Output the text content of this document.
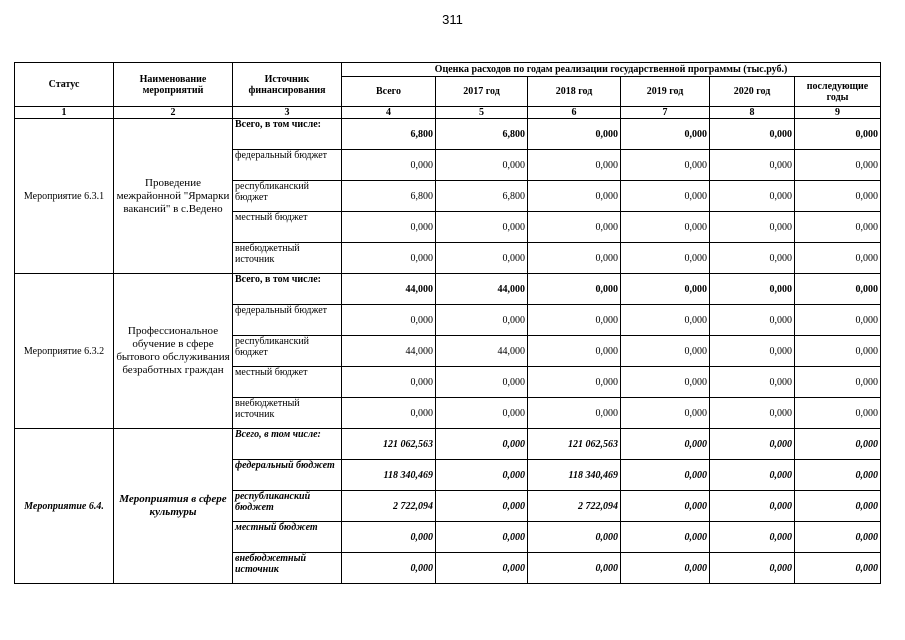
311
Статус	Наименование мероприятий	Источник финансирования	Оценка расходов по годам реализации государственной программы (тыс.руб.)					
			Всего	2017 год	2018 год	2019 год	2020 год	последующие годы
1	2	3	4	5	6	7	8	9
Мероприятие 6.3.1	Проведение межрайонной "Ярмарки вакансий" в с.Ведено	Всего, в том числе:	6,800	6,800	0,000	0,000	0,000	0,000
		федеральный бюджет	0,000	0,000	0,000	0,000	0,000	0,000
		республиканский бюджет	6,800	6,800	0,000	0,000	0,000	0,000
		местный бюджет	0,000	0,000	0,000	0,000	0,000	0,000
		внебюджетный источник	0,000	0,000	0,000	0,000	0,000	0,000
Мероприятие 6.3.2	Профессиональное обучение в сфере бытового обслуживания безработных граждан	Всего, в том числе:	44,000	44,000	0,000	0,000	0,000	0,000
		федеральный бюджет	0,000	0,000	0,000	0,000	0,000	0,000
		республиканский бюджет	44,000	44,000	0,000	0,000	0,000	0,000
		местный бюджет	0,000	0,000	0,000	0,000	0,000	0,000
		внебюджетный источник	0,000	0,000	0,000	0,000	0,000	0,000
Мероприятие 6.4.	Мероприятия в сфере культуры	Всего, в том числе:	121 062,563	0,000	121 062,563	0,000	0,000	0,000
		федеральный бюджет	118 340,469	0,000	118 340,469	0,000	0,000	0,000
		республиканский бюджет	2 722,094	0,000	2 722,094	0,000	0,000	0,000
		местный бюджет	0,000	0,000	0,000	0,000	0,000	0,000
		внебюджетный источник	0,000	0,000	0,000	0,000	0,000	0,000
